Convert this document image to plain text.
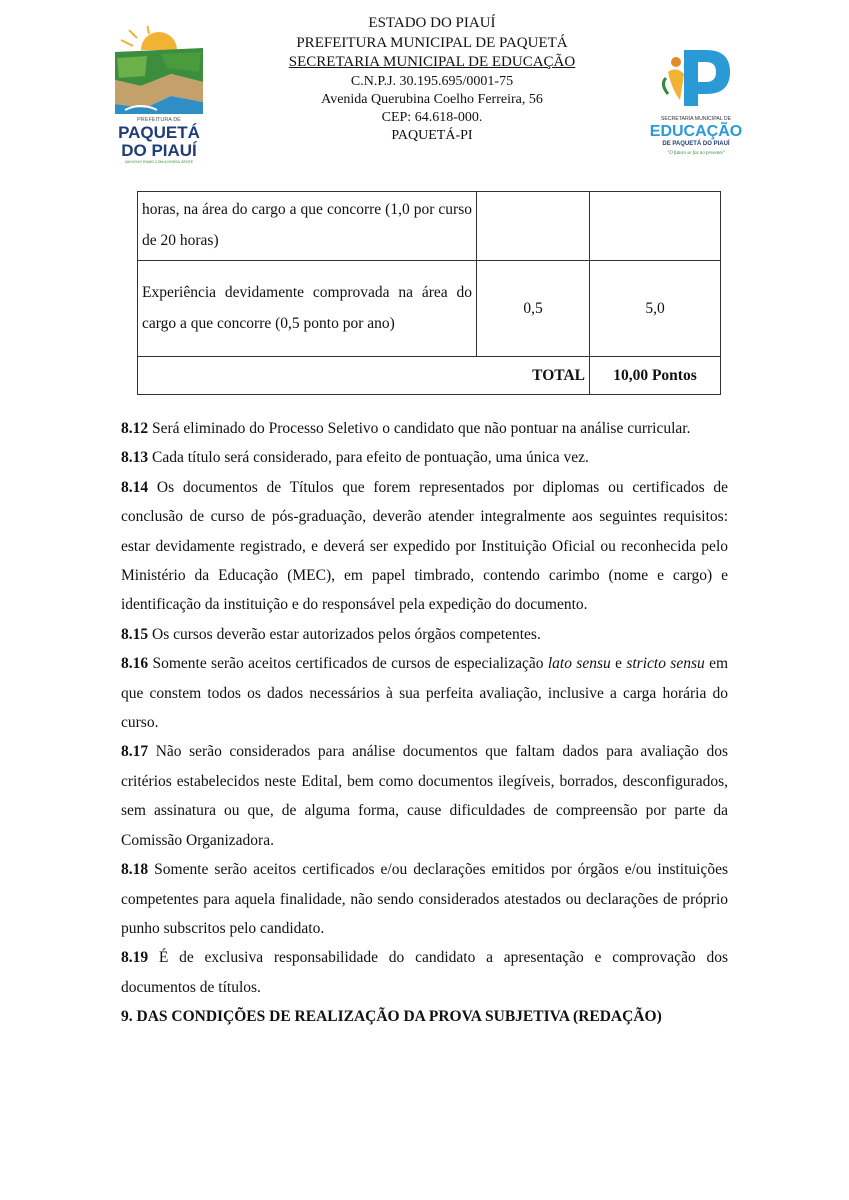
PREFEITURA DE
PAQUETÁ
DO PIAUÍ
UM NOVO RUMO COM A NOSSA GENTE
ESTADO DO PIAUÍ
PREFEITURA MUNICIPAL DE PAQUETÁ
SECRETARIA MUNICIPAL DE EDUCAÇÃO
C.N.P.J. 30.195.695/0001-75
Avenida Querubina Coelho Ferreira, 56
CEP: 64.618-000.
PAQUETÁ-PI
SECRETARIA MUNICIPAL DE
EDUCAÇÃO
DE PAQUETÁ DO PIAUÍ
"O futuro se faz no presente"
horas, na área do cargo a que concorre (1,0 por curso de 20 horas)		
Experiência devidamente comprovada na área do cargo a que concorre (0,5 ponto por ano)	0,5	5,0
TOTAL		10,00 Pontos

8.12 Será eliminado do Processo Seletivo o candidato que não pontuar na análise curricular.

8.13 Cada título será considerado, para efeito de pontuação, uma única vez.

8.14 Os documentos de Títulos que forem representados por diplomas ou certificados de conclusão de curso de pós-graduação, deverão atender integralmente aos seguintes requisitos: estar devidamente registrado, e deverá ser expedido por Instituição Oficial ou reconhecida pelo Ministério da Educação (MEC), em papel timbrado, contendo carimbo (nome e cargo) e identificação da instituição e do responsável pela expedição do documento.

8.15 Os cursos deverão estar autorizados pelos órgãos competentes.

8.16 Somente serão aceitos certificados de cursos de especialização lato sensu e stricto sensu em que constem todos os dados necessários à sua perfeita avaliação, inclusive a carga horária do curso.

8.17 Não serão considerados para análise documentos que faltam dados para avaliação dos critérios estabelecidos neste Edital, bem como documentos ilegíveis, borrados, desconfigurados, sem assinatura ou que, de alguma forma, cause dificuldades de compreensão por parte da Comissão Organizadora.

8.18 Somente serão aceitos certificados e/ou declarações emitidos por órgãos e/ou instituições competentes para aquela finalidade, não sendo considerados atestados ou declarações de próprio punho subscritos pelo candidato.

8.19 É de exclusiva responsabilidade do candidato a apresentação e comprovação dos documentos de títulos.

9. DAS CONDIÇÕES DE REALIZAÇÃO DA PROVA SUBJETIVA (REDAÇÃO)
